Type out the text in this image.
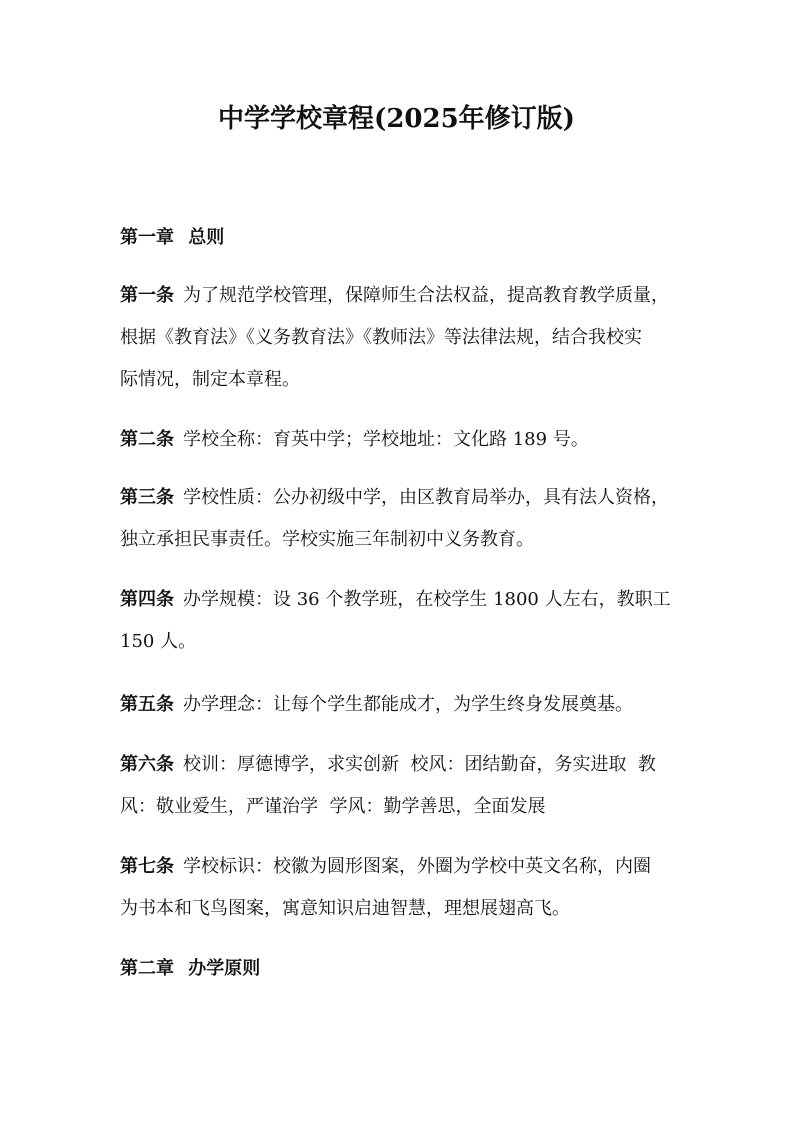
中学学校章程(2025年修订版)
第一章 总则
第一条 为了规范学校管理，保障师生合法权益，提高教育教学质量，
根据《教育法》《义务教育法》《教师法》等法律法规，结合我校实
际情况，制定本章程。
第二条 学校全称：育英中学；学校地址：文化路 189 号。
第三条 学校性质：公办初级中学，由区教育局举办，具有法人资格，
独立承担民事责任。学校实施三年制初中义务教育。
第四条 办学规模：设 36 个教学班，在校学生 1800 人左右，教职工
150 人。
第五条 办学理念：让每个学生都能成才，为学生终身发展奠基。
第六条 校训：厚德博学，求实创新  校风：团结勤奋，务实进取  教
风：敬业爱生，严谨治学  学风：勤学善思，全面发展
第七条 学校标识：校徽为圆形图案，外圈为学校中英文名称，内圈
为书本和飞鸟图案，寓意知识启迪智慧，理想展翅高飞。
第二章 办学原则
